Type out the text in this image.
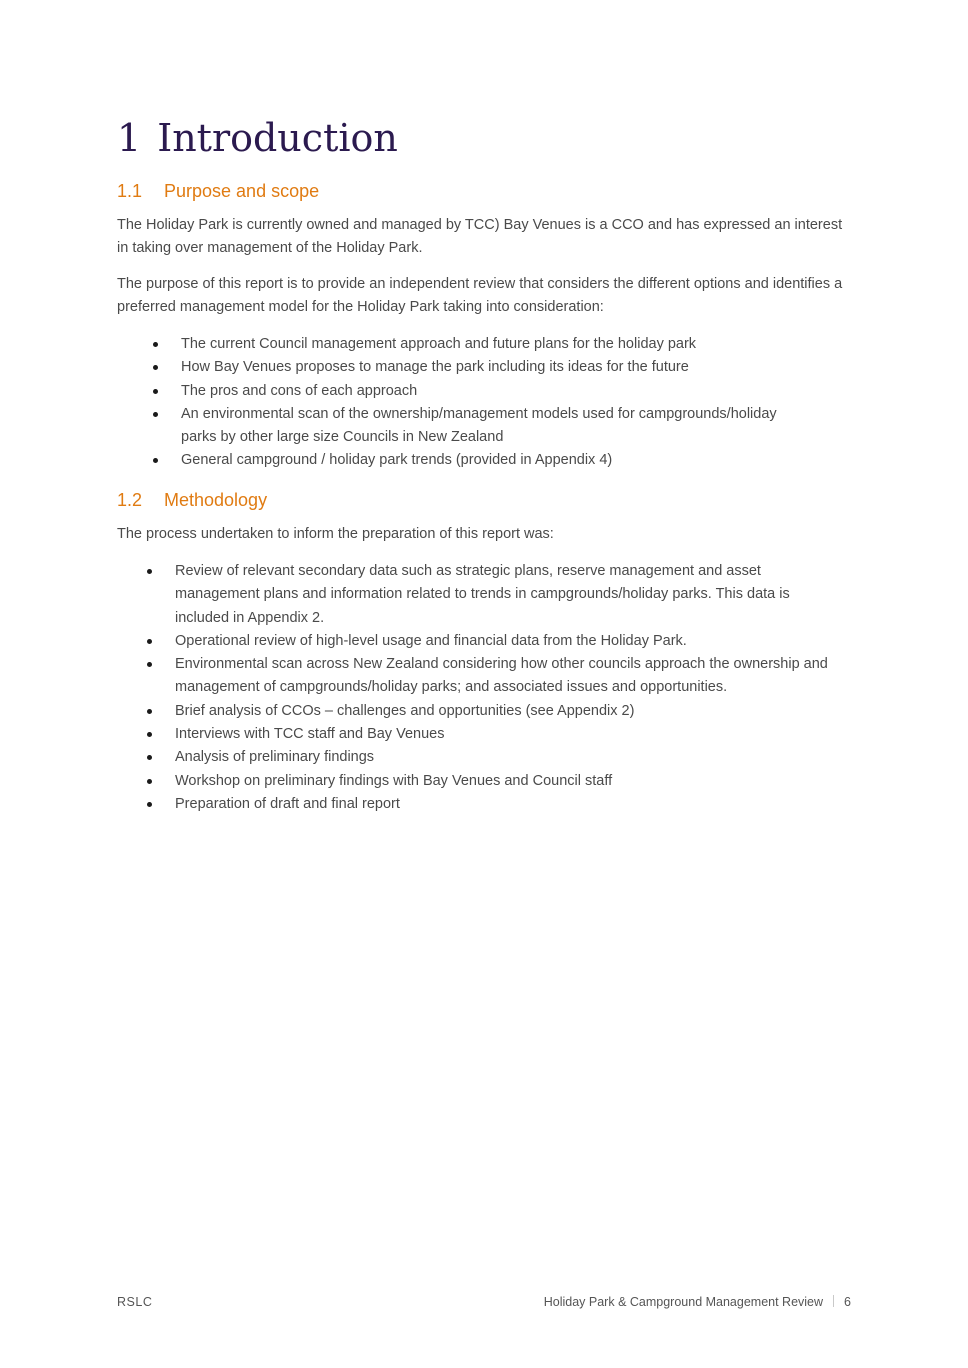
1 Introduction
1.1 Purpose and scope

The Holiday Park is currently owned and managed by TCC) Bay Venues is a CCO and has expressed an interest in taking over management of the Holiday Park.

The purpose of this report is to provide an independent review that considers the different options and identifies a preferred management model for the Holiday Park taking into consideration:

The current Council management approach and future plans for the holiday park
How Bay Venues proposes to manage the park including its ideas for the future
The pros and cons of each approach
An environmental scan of the ownership/management models used for campgrounds/holiday parks by other large size Councils in New Zealand
General campground / holiday park trends (provided in Appendix 4)
1.2 Methodology

The process undertaken to inform the preparation of this report was:

Review of relevant secondary data such as strategic plans, reserve management and asset management plans and information related to trends in campgrounds/holiday parks. This data is included in Appendix 2.
Operational review of high-level usage and financial data from the Holiday Park.
Environmental scan across New Zealand considering how other councils approach the ownership and management of campgrounds/holiday parks; and associated issues and opportunities.
Brief analysis of CCOs – challenges and opportunities (see Appendix 2)
Interviews with TCC staff and Bay Venues
Analysis of preliminary findings
Workshop on preliminary findings with Bay Venues and Council staff
Preparation of draft and final report
RSLC	Holiday Park & Campground Management Review 6
